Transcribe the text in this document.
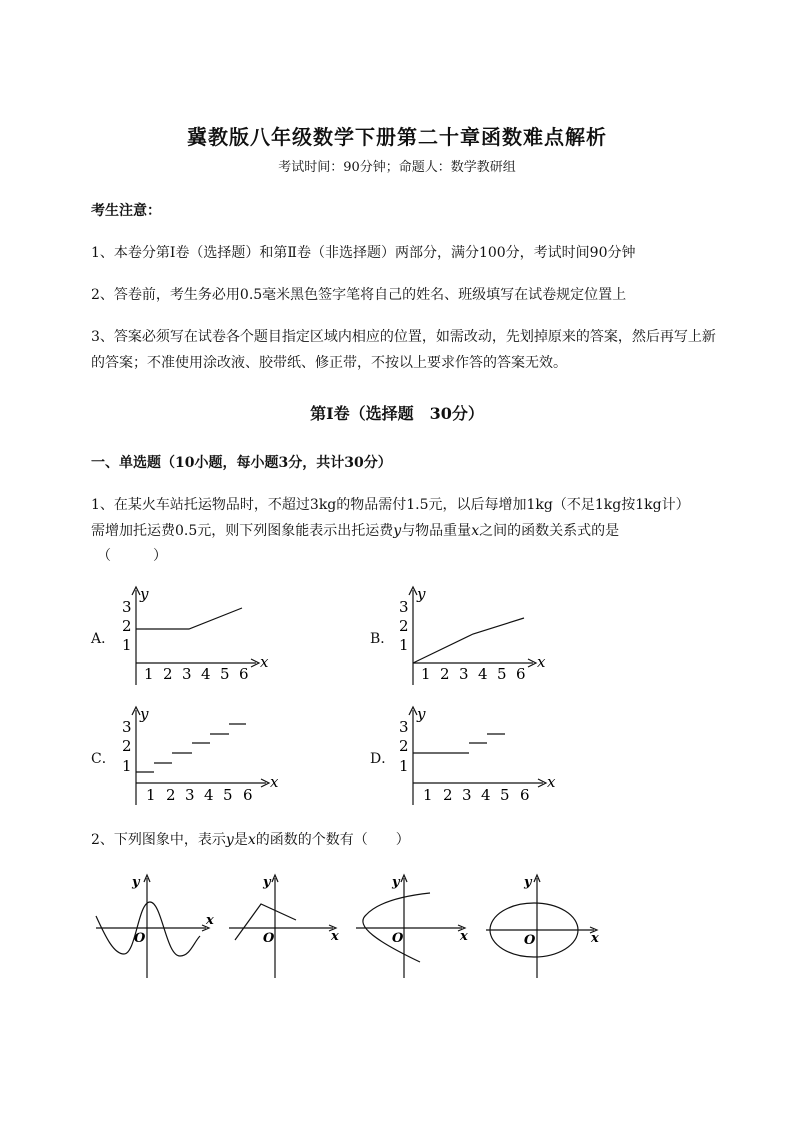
冀教版八年级数学下册第二十章函数难点解析
考试时间：90分钟；命题人：数学教研组
考生注意：
1、本卷分第I卷（选择题）和第Ⅱ卷（非选择题）两部分，满分100分，考试时间90分钟
2、答卷前，考生务必用0.5毫米黑色签字笔将自己的姓名、班级填写在试卷规定位置上
3、答案必须写在试卷各个题目指定区域内相应的位置，如需改动，先划掉原来的答案，然后再写上新
的答案；不准使用涂改液、胶带纸、修正带，不按以上要求作答的答案无效。
第I卷（选择题　30分）
一、单选题（10小题，每小题3分，共计30分）
1、在某火车站托运物品时，不超过3kg的物品需付1.5元，以后每增加1kg（不足1kg按1kg计）
需增加托运费0.5元，则下列图象能表示出托运费y与物品重量x之间的函数关系式的是
（　　　）
A．	B．
C．	D．
x
y
1 2 3 4 5 6
1
2
3
x
y
1 2 3 4 5 6
1
2
3
x
y
1 2 3 4 5 6
1
2
3
x
y
1 2 3 4 5 6
1
2
3
2、下列图象中，表示y是x的函数的个数有（　　）
x
y
O	x
y
O	x
y
O	x
y
O
